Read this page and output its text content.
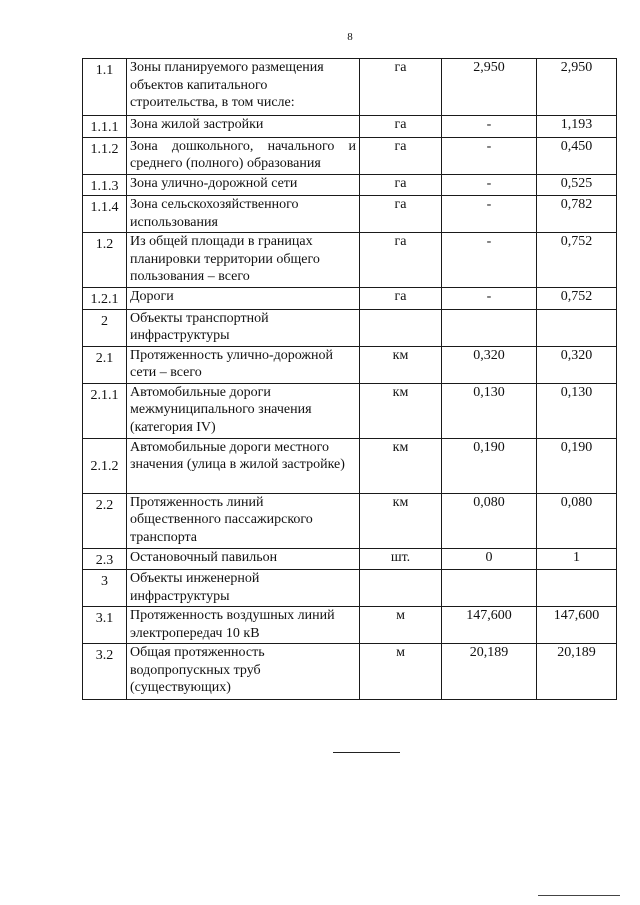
8
1.1	Зоны планируемого размещения объектов капитального строительства, в том числе:	га	2,950	2,950
1.1.1	Зона жилой застройки	га	-	1,193
1.1.2	Зона дошкольного, начального и среднего (полного) образования	га	-	0,450
1.1.3	Зона улично-дорожной сети	га	-	0,525
1.1.4	Зона сельскохозяйственного использования	га	-	0,782
1.2	Из общей площади в границах планировки территории общего пользования – всего	га	-	0,752
1.2.1	Дороги	га	-	0,752
2	Объекты транспортной инфраструктуры			
2.1	Протяженность улично-дорожной сети – всего	км	0,320	0,320
2.1.1	Автомобильные дороги межмуниципального значения (категория IV)	км	0,130	0,130
2.1.2	Автомобильные дороги местного значения (улица в жилой застройке)	км	0,190	0,190
2.2	Протяженность линий общественного пассажирского транспорта	км	0,080	0,080
2.3	Остановочный павильон	шт.	0	1
3	Объекты инженерной инфраструктуры			
3.1	Протяженность воздушных линий электропередач 10 кВ	м	147,600	147,600
3.2	Общая протяженность водопропускных труб (существующих)	м	20,189	20,189
